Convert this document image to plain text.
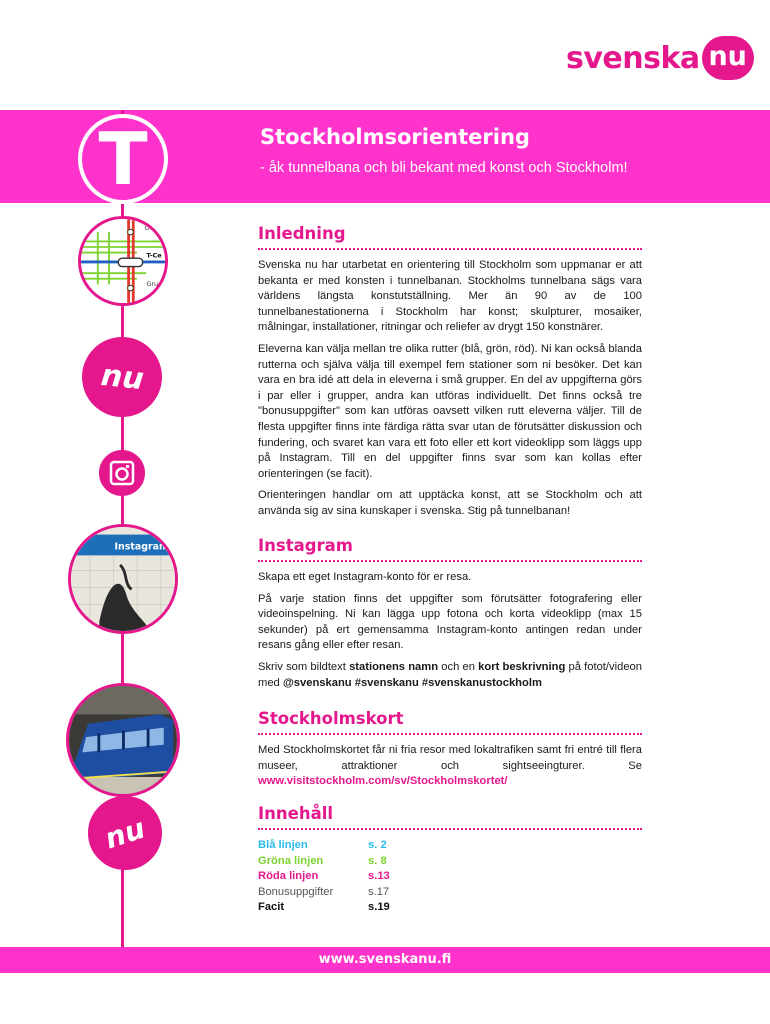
svenska nu
Stockholmsorientering
- åk tunnelbana och bli bekant med konst och Stockholm!
T
Ö
T-Ce
Gru
nu
Instagram
nu
Inledning

Svenska nu har utarbetat en orientering till Stockholm som uppmanar er att bekanta er med konsten i tunnelbanan. Stockholms tunnelbana sägs vara världens längsta konstutställning. Mer än 90 av de 100 tunnelbanestationerna i Stockholm har konst; skulpturer, mosaiker, målningar, installationer, ritningar och reliefer av drygt 150 konstnärer.

Eleverna kan välja mellan tre olika rutter (blå, grön, röd). Ni kan också blanda rutterna och själva välja till exempel fem stationer som ni besöker. Det kan vara en bra idé att dela in eleverna i små grupper. En del av uppgifterna görs i par eller i grupper, andra kan utföras individuellt. Det finns också tre "bonusuppgifter" som kan utföras oavsett vilken rutt eleverna väljer. Till de flesta uppgifter finns inte färdiga rätta svar utan de förutsätter diskussion och fundering, och svaret kan vara ett foto eller ett kort videoklipp som läggs upp på Instagram. Till en del uppgifter finns svar som kan kollas efter orienteringen (se facit).

Orienteringen handlar om att upptäcka konst, att se Stockholm och att använda sig av sina kunskaper i svenska. Stig på tunnelbanan!

Instagram

Skapa ett eget Instagram-konto för er resa.

På varje station finns det uppgifter som förutsätter fotografering eller videoinspelning. Ni kan lägga upp fotona och korta videoklipp (max 15 sekunder) på ert gemensamma Instagram-konto antingen redan under resans gång eller efter resan.

Skriv som bildtext stationens namn och en kort beskrivning på fotot/videon med @svenskanu #svenskanu #svenskanustockholm

Stockholmskort

Med Stockholmskortet får ni fria resor med lokaltrafiken samt fri entré till flera museer, attraktioner och sightseeingturer. Se www.visitstockholm.com/sv/Stockholmskortet/

Innehåll
Blå linjen	s. 2
Gröna linjen	s. 8
Röda linjen	s.13
Bonusuppgifter	s.17
Facit	s.19
www.svenskanu.fi
